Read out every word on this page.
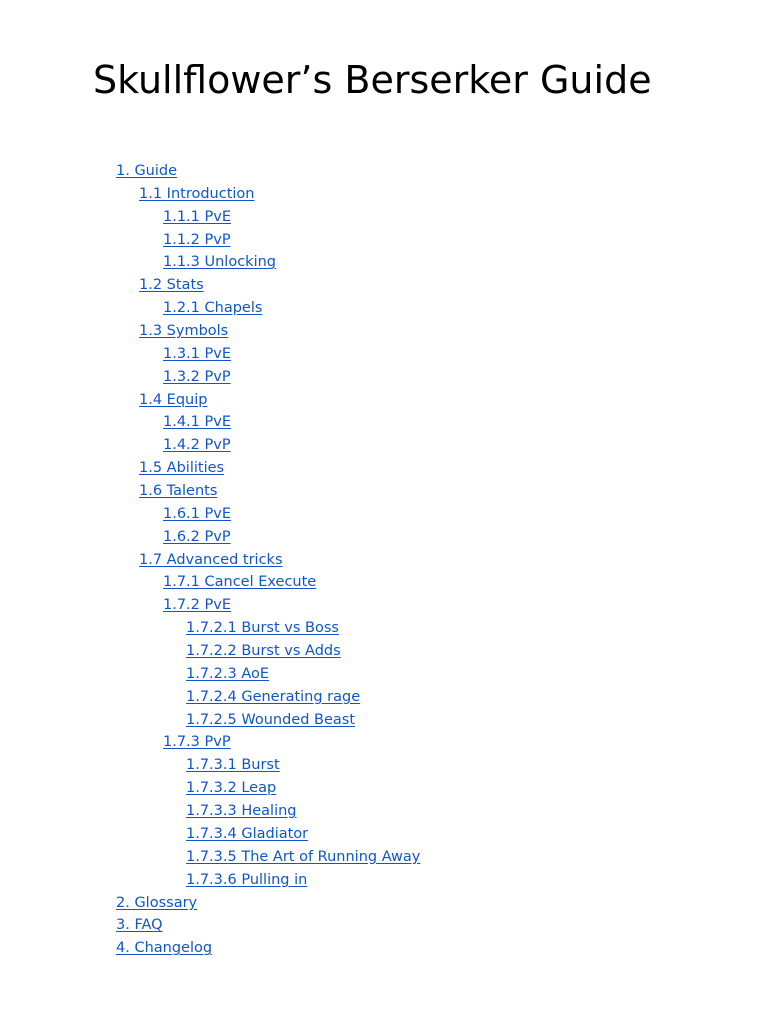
Skullflower’s Berserker Guide
1. Guide
1.1 Introduction
1.1.1 PvE
1.1.2 PvP
1.1.3 Unlocking
1.2 Stats
1.2.1 Chapels
1.3 Symbols
1.3.1 PvE
1.3.2 PvP
1.4 Equip
1.4.1 PvE
1.4.2 PvP
1.5 Abilities
1.6 Talents
1.6.1 PvE
1.6.2 PvP
1.7 Advanced tricks
1.7.1 Cancel Execute
1.7.2 PvE
1.7.2.1 Burst vs Boss
1.7.2.2 Burst vs Adds
1.7.2.3 AoE
1.7.2.4 Generating rage
1.7.2.5 Wounded Beast
1.7.3 PvP
1.7.3.1 Burst
1.7.3.2 Leap
1.7.3.3 Healing
1.7.3.4 Gladiator
1.7.3.5 The Art of Running Away
1.7.3.6 Pulling in
2. Glossary
3. FAQ
4. Changelog
